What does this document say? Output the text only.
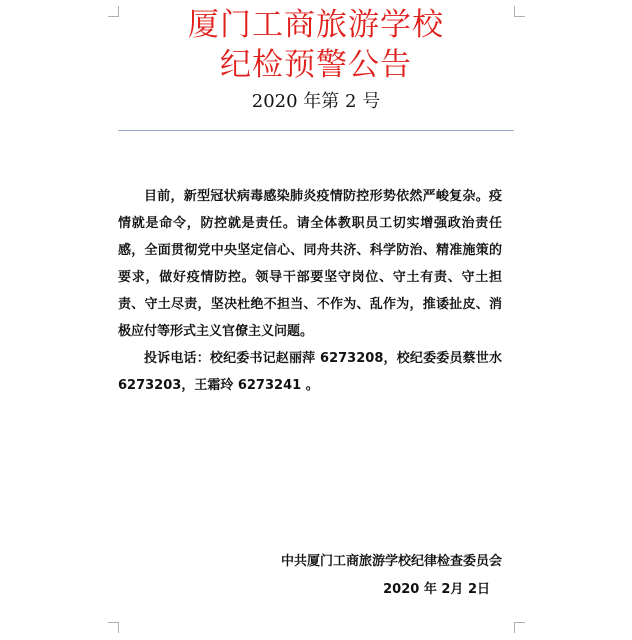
厦门工商旅游学校
纪检预警公告
2020 年第 2 号

目前，新型冠状病毒感染肺炎疫情防控形势依然严峻复杂。疫情就是命令，防控就是责任。请全体教职员工切实增强政治责任感，全面贯彻党中央坚定信心、同舟共济、科学防治、精准施策的要求，做好疫情防控。领导干部要坚守岗位、守土有责、守土担责、守土尽责，坚决杜绝不担当、不作为、乱作为，推诿扯皮、消极应付等形式主义官僚主义问题。

投诉电话：校纪委书记赵丽萍 6273208，校纪委委员蔡世水 6273203，王霜玲 6273241 。

中共厦门工商旅游学校纪律检查委员会
2020 年 2月 2日
